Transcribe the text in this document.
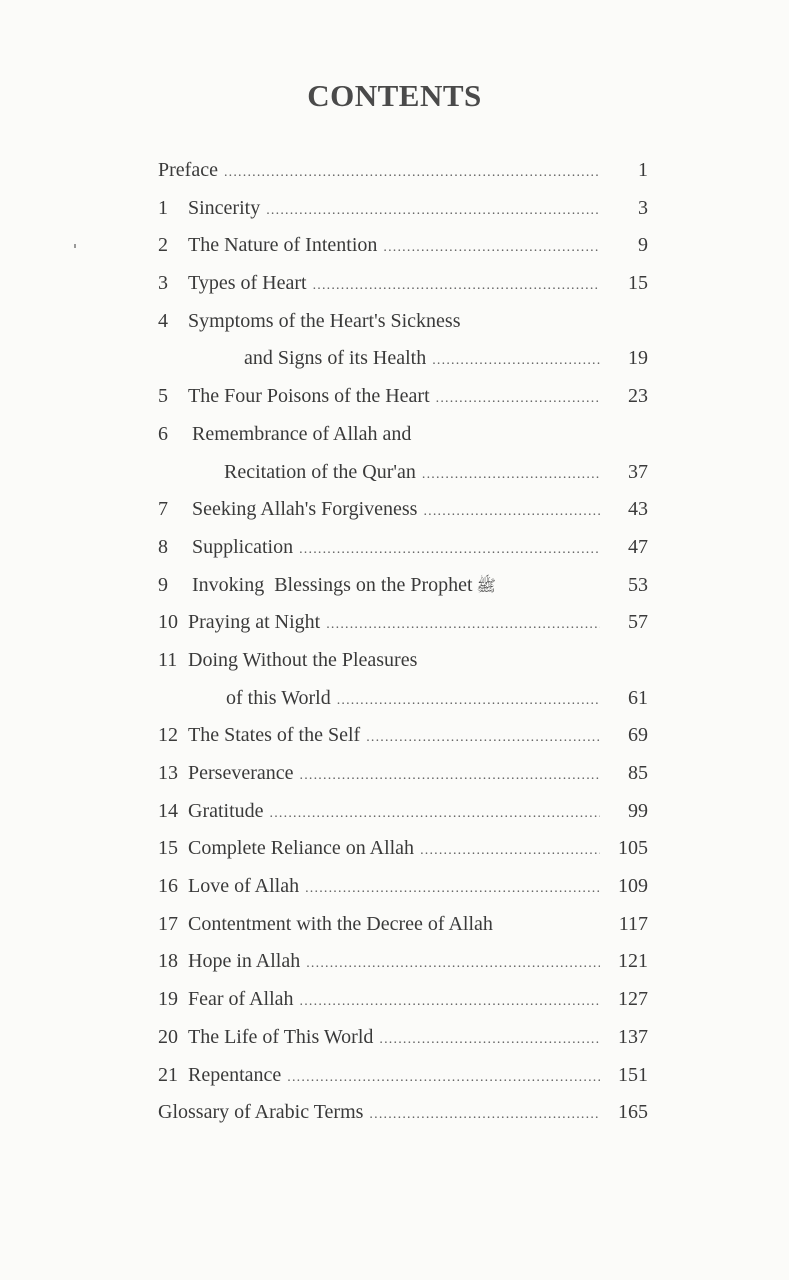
CONTENTS
Preface .....	1
1	Sincerity .....	3
2	The Nature of Intention .....	9
3	Types of Heart .....	15
4	Symptoms of the Heart's Sickness
and Signs of its Health .....	19
5	The Four Poisons of the Heart .....	23
6	Remembrance of Allah and
Recitation of the Qur'an .....	37
7	Seeking Allah's Forgiveness .....	43
8	Supplication .....	47
9	Invoking  Blessings on the Prophet ﷺ	53
10 Praying at Night .....	57
11 Doing Without the Pleasures
of this World .....	61
12 The States of the Self .....	69
13 Perseverance .....	85
14 Gratitude .....	99
15 Complete Reliance on Allah .....	105
16 Love of Allah .....	109
17 Contentment with the Decree of Allah	117
18 Hope in Allah .....	121
19 Fear of Allah .....	127
20 The Life of This World .....	137
21 Repentance .....	151
Glossary of Arabic Terms .....	165
